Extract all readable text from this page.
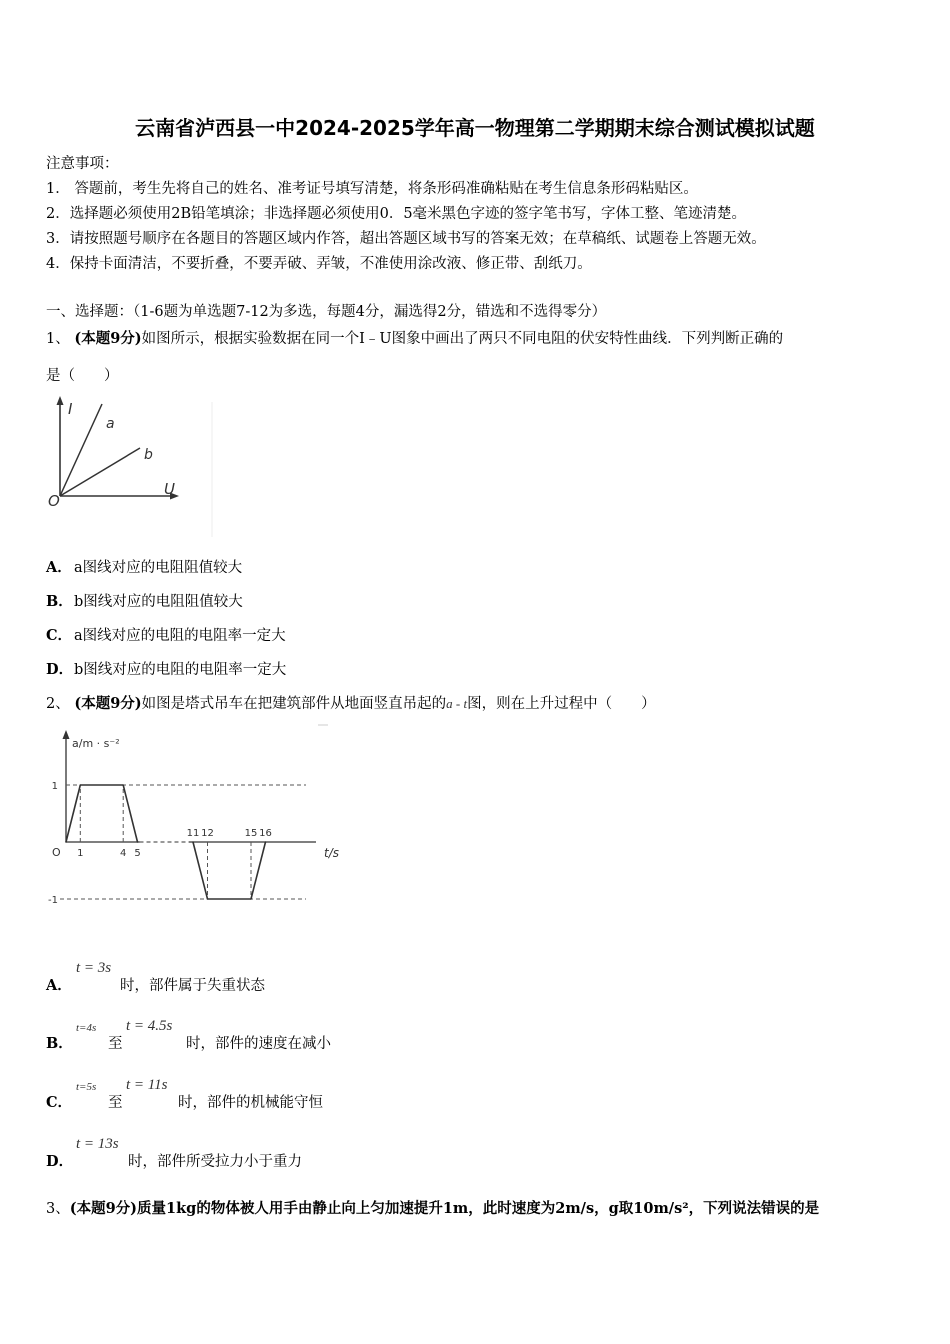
云南省泸西县一中2024-2025学年高一物理第二学期期末综合测试模拟试题
注意事项：
1． 答题前，考生先将自己的姓名、准考证号填写清楚，将条形码准确粘贴在考生信息条形码粘贴区。
2．选择题必须使用2B铅笔填涂；非选择题必须使用0．5毫米黑色字迹的签字笔书写，字体工整、笔迹清楚。
3．请按照题号顺序在各题目的答题区域内作答，超出答题区域书写的答案无效；在草稿纸、试题卷上答题无效。
4．保持卡面清洁，不要折叠，不要弄破、弄皱，不准使用涂改液、修正带、刮纸刀。
一、选择题：（1-6题为单选题7-12为多选，每题4分，漏选得2分，错选和不选得零分）
1、 (本题9分)如图所示，根据实验数据在同一个I﹣U图象中画出了两只不同电阻的伏安特性曲线．下列判断正确的
是（　　）
I
a
b
U
O
A． a图线对应的电阻阻值较大
B．b图线对应的电阻阻值较大
C． a图线对应的电阻的电阻率一定大
D．b图线对应的电阻的电阻率一定大
2、 (本题9分)如图是塔式吊车在把建筑部件从地面竖直吊起的a - t图，则在上升过程中（　　）
a/m · s⁻²
O	t/s
1	4 5
11 12	15 16
1
-1
A．
t = 3s
时，部件属于失重状态
B．
t=4s
至
t = 4.5s
时，部件的速度在减小
C．
t=5s
至
t = 11s
时，部件的机械能守恒
D．
t = 13s
时，部件所受拉力小于重力
3、(本题9分)质量1kg的物体被人用手由静止向上匀加速提升1m，此时速度为2m/s，g取10m/s²，下列说法错误的是
